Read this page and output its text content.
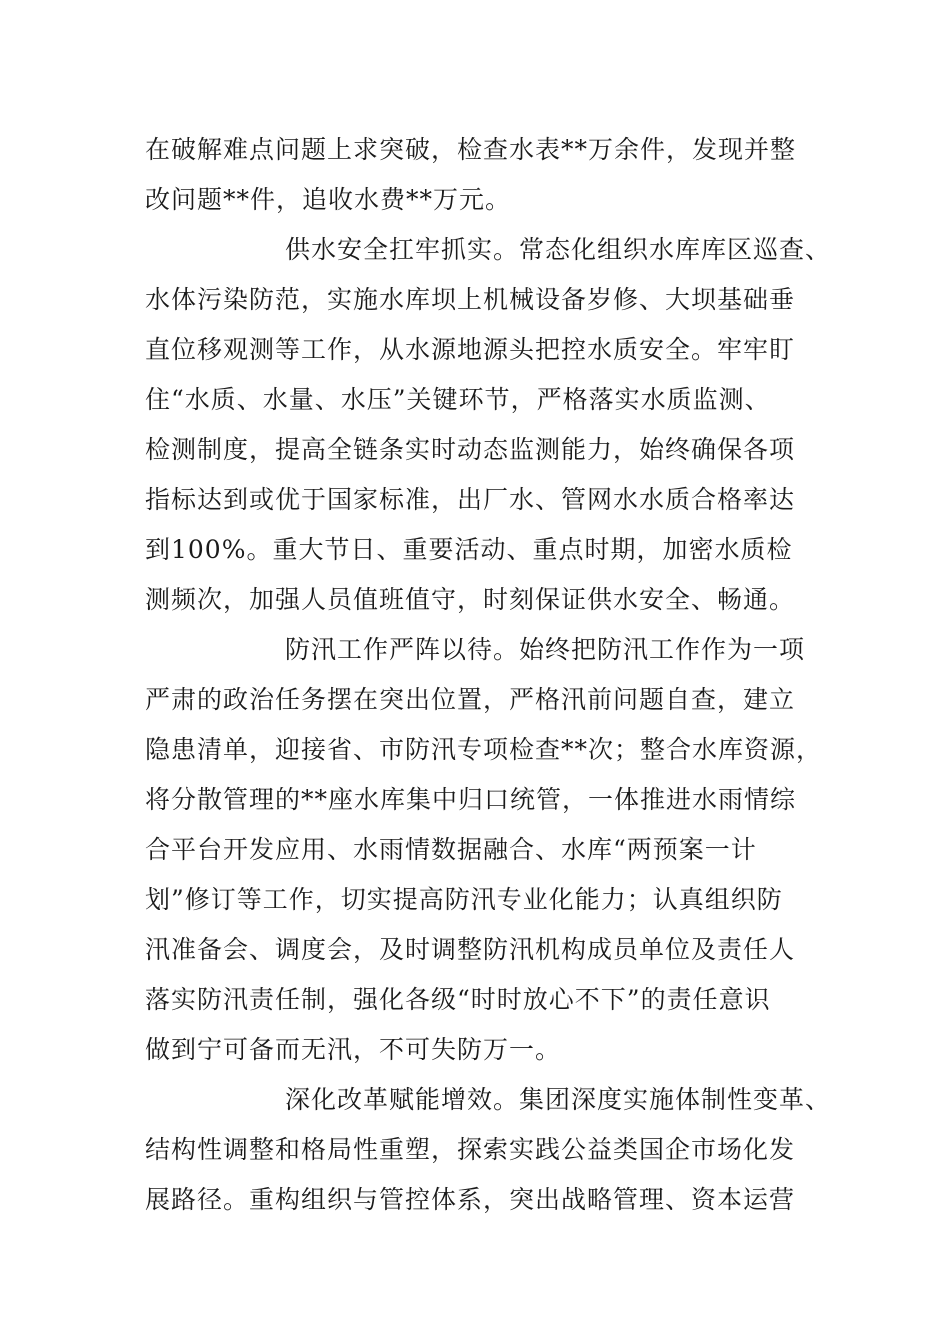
在破解难点问题上求突破，检查水表**万余件，发现并整
改问题**件，追收水费**万元。
供水安全扛牢抓实。常态化组织水库库区巡查、
水体污染防范，实施水库坝上机械设备岁修、大坝基础垂
直位移观测等工作，从水源地源头把控水质安全。牢牢盯
住“水质、水量、水压”关键环节，严格落实水质监测、
检测制度，提高全链条实时动态监测能力，始终确保各项
指标达到或优于国家标准，出厂水、管网水水质合格率达
到100%。重大节日、重要活动、重点时期，加密水质检
测频次，加强人员值班值守，时刻保证供水安全、畅通。
防汛工作严阵以待。始终把防汛工作作为一项
严肃的政治任务摆在突出位置，严格汛前问题自查，建立
隐患清单，迎接省、市防汛专项检查**次；整合水库资源，
将分散管理的**座水库集中归口统管，一体推进水雨情综
合平台开发应用、水雨情数据融合、水库“两预案一计
划”修订等工作，切实提高防汛专业化能力；认真组织防
汛准备会、调度会，及时调整防汛机构成员单位及责任人
落实防汛责任制，强化各级“时时放心不下”的责任意识
做到宁可备而无汛，不可失防万一。
深化改革赋能增效。集团深度实施体制性变革、
结构性调整和格局性重塑，探索实践公益类国企市场化发
展路径。重构组织与管控体系，突出战略管理、资本运营
